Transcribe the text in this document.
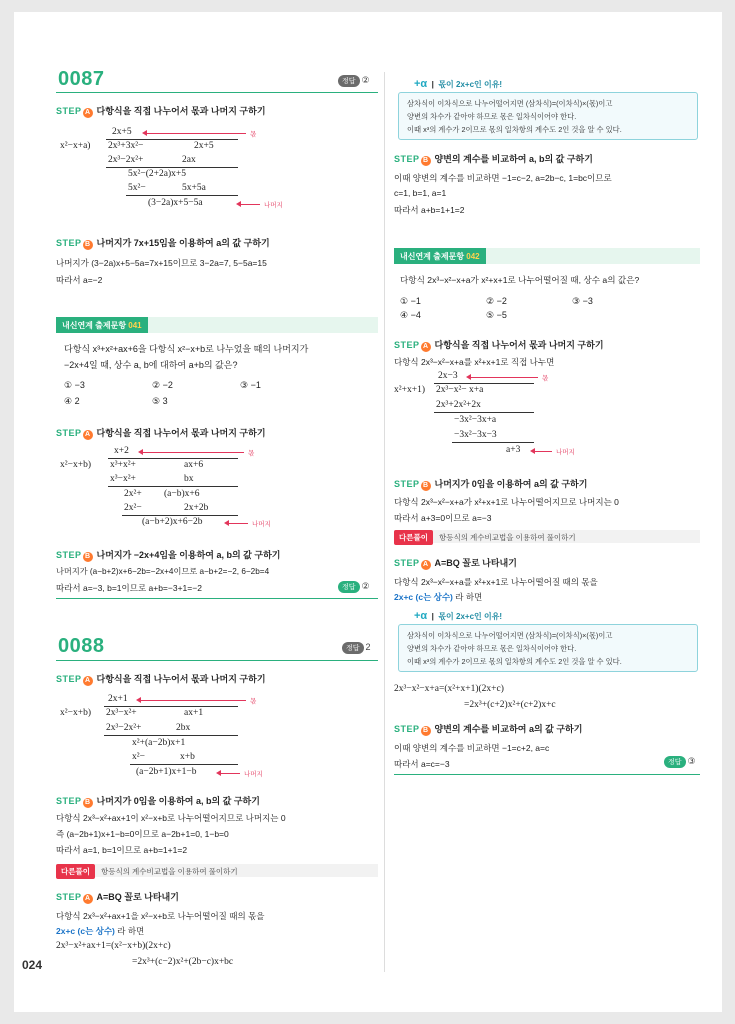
0087	정답 ②
STEP A 다항식을 직접 나누어서 몫과 나머지 구하기
2x+5	몫
x²−x+a) 2x³+3x²−	2x+5
2x³−2x²+	2ax
5x²−(2+2a)x+5
5x²−	5x+5a
(3−2a)x+5−5a	나머지
STEP B 나머지가 7x+15임을 이용하여 a의 값 구하기
나머지가 (3−2a)x+5−5a=7x+15이므로 3−2a=7, 5−5a=15
따라서 a=−2
내신연계 출제문항 041
다항식 x³+x²+ax+6을 다항식 x²−x+b로 나누었을 때의 나머지가
−2x+4일 때, 상수 a, b에 대하여 a+b의 값은?
① −3	② −2	③ −1
④ 2	⑤ 3
STEP A 다항식을 직접 나누어서 몫과 나머지 구하기
x+2	몫
x²−x+b) x³+x²+	ax+6
x³−x²+	bx
2x²+ (a−b)x+6
2x²−	2x+2b
(a−b+2)x+6−2b	나머지
STEP B 나머지가 −2x+4임을 이용하여 a, b의 값 구하기
나머지가 (a−b+2)x+6−2b=−2x+4이므로 a−b+2=−2, 6−2b=4
따라서 a=−3, b=1이므로 a+b=−3+1=−2	정답 ②
0088	정답 2
STEP A 다항식을 직접 나누어서 몫과 나머지 구하기
2x+1	몫
x²−x+b) 2x³−x²+	ax+1
2x³−2x²+	2bx
x²+(a−2b)x+1
x²−	x+b
(a−2b+1)x+1−b	나머지
STEP B 나머지가 0임을 이용하여 a, b의 값 구하기
다항식 2x³−x²+ax+1이 x²−x+b로 나누어떨어지므로 나머지는 0
즉 (a−2b+1)x+1−b=0이므로 a−2b+1=0, 1−b=0
따라서 a=1, b=1이므로 a+b=1+1=2
다른풀이 항등식의 계수비교법을 이용하여 풀이하기
STEP A A=BQ 꼴로 나타내기
다항식 2x³−x²+ax+1을 x²−x+b로 나누어떨어질 때의 몫을
2x+c (c는 상수) 라 하면
2x³−x²+ax+1=(x²−x+b)(2x+c)
=2x³+(c−2)x²+(2b−c)x+bc
024
+α  |  몫이 2x+c인 이유!
삼차식이 이차식으로 나누어떨어지면 (삼차식)=(이차식)×(몫)이고
양변의 차수가 같아야 하므로 몫은 일차식이어야 한다.
이때 x³의 계수가 2이므로 몫의 일차항의 계수도 2인 것을 알 수 있다.
STEP B 양변의 계수를 비교하여 a, b의 값 구하기
이때 양변의 계수를 비교하면 −1=c−2, a=2b−c, 1=bc이므로
c=1, b=1, a=1
따라서 a+b=1+1=2
내신연계 출제문항 042
다항식 2x³−x²−x+a가 x²+x+1로 나누어떨어질 때, 상수 a의 값은?
① −1	② −2	③ −3
④ −4	⑤ −5
STEP A 다항식을 직접 나누어서 몫과 나머지 구하기
다항식 2x³−x²−x+a를 x²+x+1로 직접 나누면
2x−3	몫
x²+x+1) 2x³−x²− x+a
2x³+2x²+2x
−3x²−3x+a
−3x²−3x−3
a+3	나머지
STEP B 나머지가 0임을 이용하여 a의 값 구하기
다항식 2x³−x²−x+a가 x²+x+1로 나누어떨어지므로 나머지는 0
따라서 a+3=0이므로 a=−3
다른풀이 항등식의 계수비교법을 이용하여 풀이하기
STEP A A=BQ 꼴로 나타내기
다항식 2x³−x²−x+a를 x²+x+1로 나누어떨어질 때의 몫을
2x+c (c는 상수) 라 하면
+α  |  몫이 2x+c인 이유!
삼차식이 이차식으로 나누어떨어지면 (삼차식)=(이차식)×(몫)이고
양변의 차수가 같아야 하므로 몫은 일차식이어야 한다.
이때 x³의 계수가 2이므로 몫의 일차항의 계수도 2인 것을 알 수 있다.
2x³−x²−x+a=(x²+x+1)(2x+c)
=2x³+(c+2)x²+(c+2)x+c
STEP B 양변의 계수를 비교하여 a의 값 구하기
이때 양변의 계수를 비교하면 −1=c+2, a=c
따라서 a=c=−3	정답 ③
